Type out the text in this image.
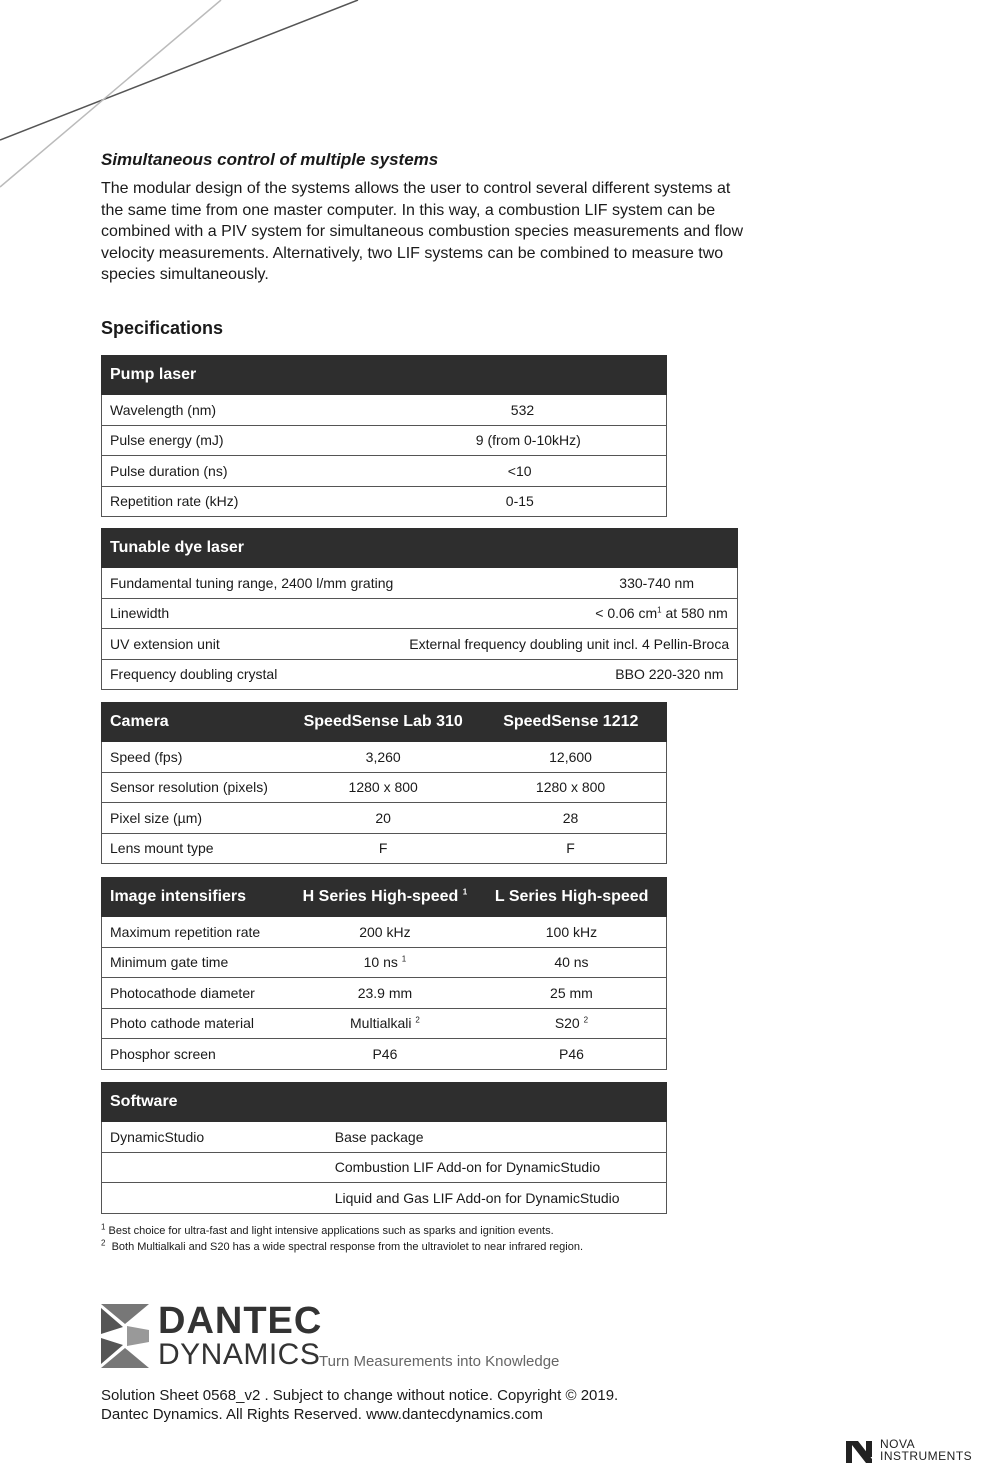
Simultaneous control of multiple systems

The modular design of the systems allows the user to control several different systems at the same time from one master computer. In this way, a combustion LIF system can be combined with a PIV system for simultaneous combustion species measurements and flow velocity measurements. Alternatively, two LIF systems can be combined to measure two species simultaneously.

Specifications
Pump laser	
Wavelength (nm)	532
Pulse energy (mJ)	9 (from 0-10kHz)
Pulse duration (ns)	<10
Repetition rate (kHz)	0-15
Tunable dye laser	
Fundamental tuning range, 2400 l/mm grating	330-740 nm
Linewidth	< 0.06 $cm^1$ at 580 nm
UV extension unit	External frequency doubling unit incl. 4 Pellin-Broca
Frequency doubling crystal	BBO 220-320 nm
Camera	SpeedSense Lab 310	SpeedSense 1212
Speed (fps)	3,260	12,600
Sensor resolution (pixels)	1280 x 800	1280 x 800
Pixel size (µm)	20	28
Lens mount type	F	F
Image intensifiers	H Series High-speed $^1$	L Series High-speed
Maximum repetition rate	200 kHz	100 kHz
Minimum gate time	10 ns $^1$	40 ns
Photocathode diameter	23.9 mm	25 mm
Photo cathode material	Multialkali $^2$	S20 $^2$
Phosphor screen	P46	P46
Software	
DynamicStudio	Base package
	Combustion LIF Add-on for DynamicStudio
	Liquid and Gas LIF Add-on for DynamicStudio
$^1$ Best choice for ultra-fast and light intensive applications such as sparks and ignition events.
$^2$ Both Multialkali and S20 has a wide spectral response from the ultraviolet to near infrared region.
DANTEC
DYNAMICS
Turn Measurements into Knowledge
Solution Sheet 0568_v2 . Subject to change without notice. Copyright © 2019.
Dantec Dynamics. All Rights Reserved. www.dantecdynamics.com
NOVA
INSTRUMENTS
